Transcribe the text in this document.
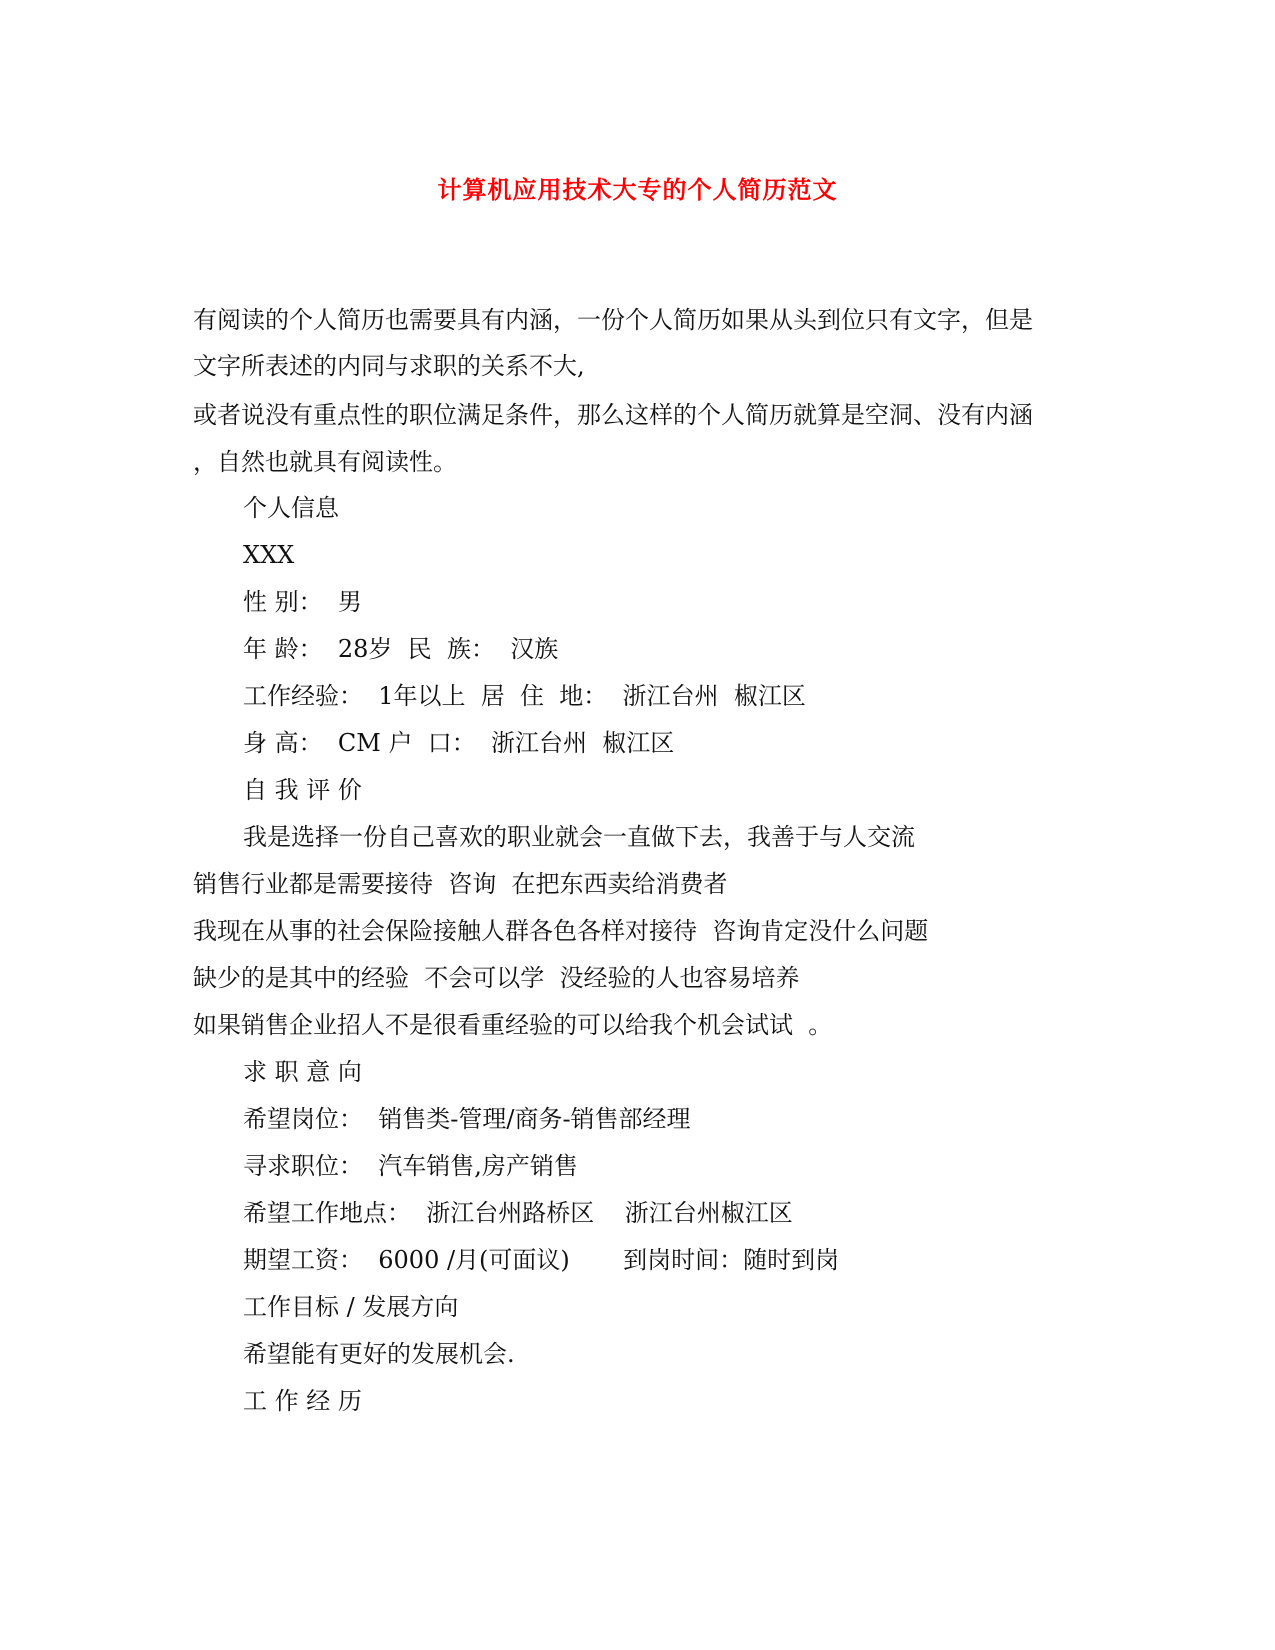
计算机应用技术大专的个人简历范文
有阅读的个人简历也需要具有内涵，一份个人简历如果从头到位只有文字，但是
文字所表述的内同与求职的关系不大,
或者说没有重点性的职位满足条件，那么这样的个人简历就算是空洞、没有内涵
，自然也就具有阅读性。
个人信息
XXX
性 别：  男
年 龄：  28岁  民  族：  汉族
工作经验：  1年以上  居  住  地：  浙江台州  椒江区
身 高：  CM 户  口：  浙江台州  椒江区
自 我 评 价
我是选择一份自己喜欢的职业就会一直做下去，我善于与人交流
销售行业都是需要接待  咨询  在把东西卖给消费者
我现在从事的社会保险接触人群各色各样对接待  咨询肯定没什么问题
缺少的是其中的经验  不会可以学  没经验的人也容易培养
如果销售企业招人不是很看重经验的可以给我个机会试试  。
求 职 意 向
希望岗位：  销售类-管理/商务-销售部经理
寻求职位：  汽车销售,房产销售
希望工作地点：  浙江台州路桥区    浙江台州椒江区
期望工资：  6000 /月(可面议)       到岗时间：随时到岗
工作目标 / 发展方向
希望能有更好的发展机会.
工 作 经 历
